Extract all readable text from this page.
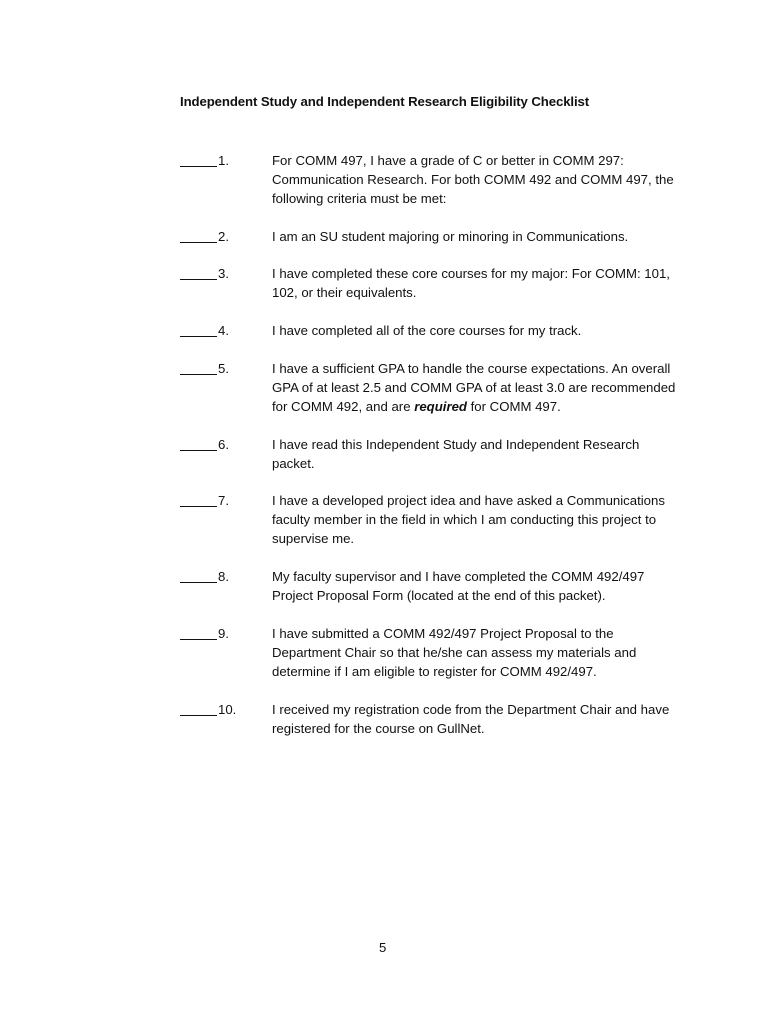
Independent Study and Independent Research Eligibility Checklist
1.	For COMM 497, I have a grade of C or better in COMM 297: Communication Research. For both COMM 492 and COMM 497, the following criteria must be met:
2.	I am an SU student majoring or minoring in Communications.
3.	I have completed these core courses for my major: For COMM: 101, 102, or their equivalents.
4.	I have completed all of the core courses for my track.
5.	I have a sufficient GPA to handle the course expectations. An overall GPA of at least 2.5 and COMM GPA of at least 3.0 are recommended for COMM 492, and are required for COMM 497.
6.	I have read this Independent Study and Independent Research packet.
7.	I have a developed project idea and have asked a Communications faculty member in the field in which I am conducting this project to supervise me.
8.	My faculty supervisor and I have completed the COMM 492/497 Project Proposal Form (located at the end of this packet).
9.	I have submitted a COMM 492/497 Project Proposal to the Department Chair so that he/she can assess my materials and determine if I am eligible to register for COMM 492/497.
10.	I received my registration code from the Department Chair and have registered for the course on GullNet.
5
